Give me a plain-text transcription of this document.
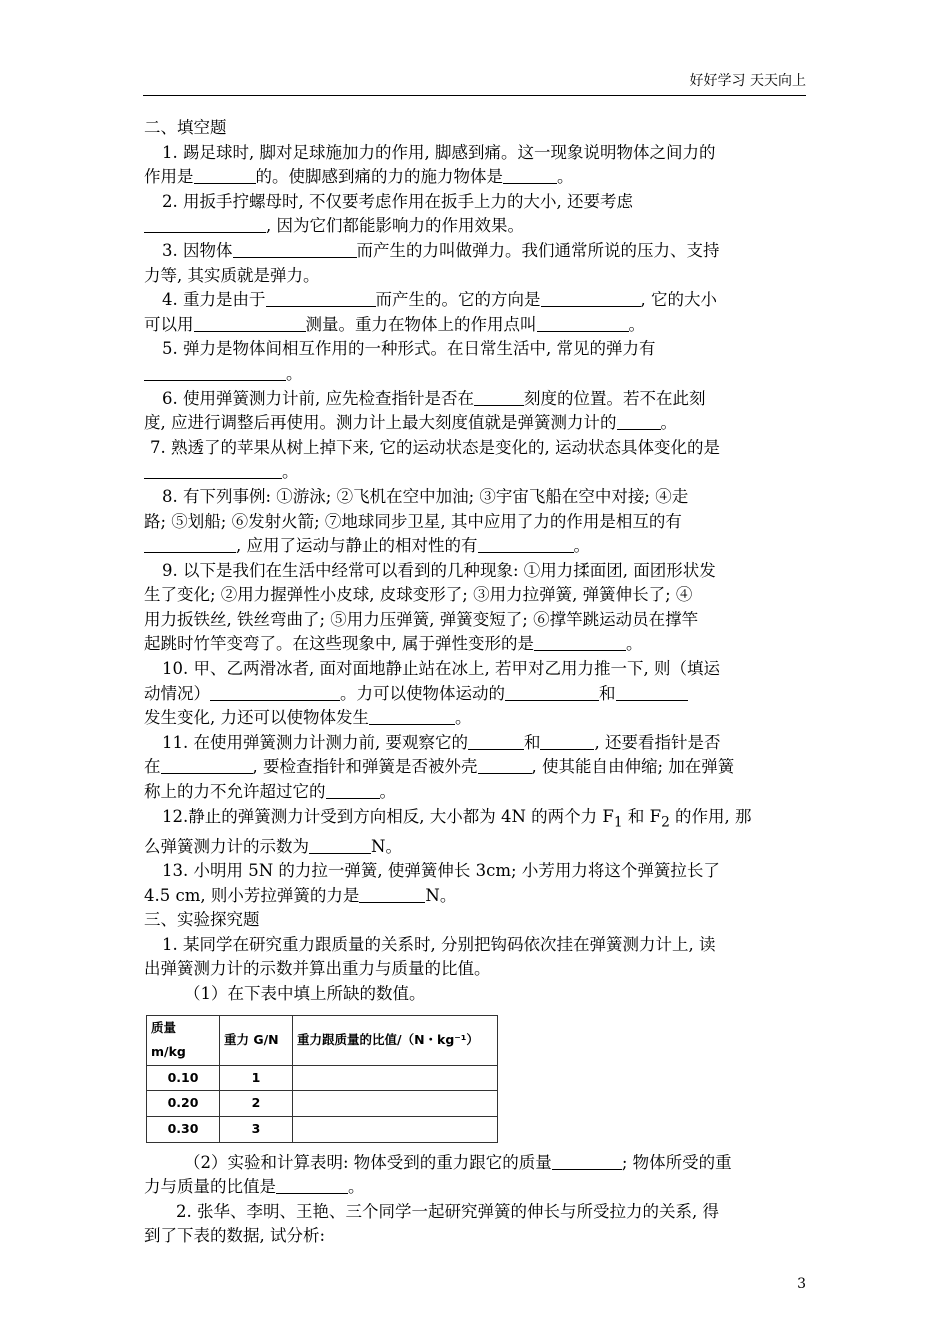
好好学习 天天向上
二、填空题
1. 踢足球时, 脚对足球施加力的作用, 脚感到痛。这一现象说明物体之间力的
作用是	的。使脚感到痛的力的施力物体是	。
2. 用扳手拧螺母时, 不仅要考虑作用在扳手上力的大小, 还要考虑
, 因为它们都能影响力的作用效果。
3. 因物体	而产生的力叫做弹力。我们通常所说的压力、支持
力等, 其实质就是弹力。
4. 重力是由于	而产生的。它的方向是	, 它的大小
可以用	测量。重力在物体上的作用点叫	。
5. 弹力是物体间相互作用的一种形式。在日常生活中, 常见的弹力有
。
6. 使用弹簧测力计前, 应先检查指针是否在	刻度的位置。若不在此刻
度, 应进行调整后再使用。测力计上最大刻度值就是弹簧测力计的	。
7. 熟透了的苹果从树上掉下来, 它的运动状态是变化的, 运动状态具体变化的是
。
8. 有下列事例: ①游泳; ②飞机在空中加油; ③宇宙飞船在空中对接; ④走
路; ⑤划船; ⑥发射火箭; ⑦地球同步卫星, 其中应用了力的作用是相互的有
, 应用了运动与静止的相对性的有	。
9. 以下是我们在生活中经常可以看到的几种现象: ①用力揉面团, 面团形状发
生了变化; ②用力握弹性小皮球, 皮球变形了; ③用力拉弹簧, 弹簧伸长了; ④
用力扳铁丝, 铁丝弯曲了; ⑤用力压弹簧, 弹簧变短了; ⑥撑竿跳运动员在撑竿
起跳时竹竿变弯了。在这些现象中, 属于弹性变形的是	。
10. 甲、乙两滑冰者, 面对面地静止站在冰上, 若甲对乙用力推一下, 则（填运
动情况）	。力可以使物体运动的	和
发生变化, 力还可以使物体发生	。
11. 在使用弹簧测力计测力前, 要观察它的	和	, 还要看指针是否
在	, 要检查指针和弹簧是否被外壳	, 使其能自由伸缩; 加在弹簧
称上的力不允许超过它的	。
12.静止的弹簧测力计受到方向相反, 大小都为 4N 的两个力 $F_1$ 和 $F_2$ 的作用, 那
么弹簧测力计的示数为	N。
13. 小明用 5N 的力拉一弹簧, 使弹簧伸长 3cm; 小芳用力将这个弹簧拉长了
4.5 cm, 则小芳拉弹簧的力是	N。
三、实验探究题
1. 某同学在研究重力跟质量的关系时, 分别把钩码依次挂在弹簧测力计上, 读
出弹簧测力计的示数并算出重力与质量的比值。
（1）在下表中填上所缺的数值。
质量 m/kg	重力 G/N	重力跟质量的比值/（N・kg⁻¹）
0.10	1	
0.20	2	
0.30	3	
（2）实验和计算表明: 物体受到的重力跟它的质量	; 物体所受的重
力与质量的比值是	。
2. 张华、李明、王艳、三个同学一起研究弹簧的伸长与所受拉力的关系, 得
到了下表的数据, 试分析:
3
